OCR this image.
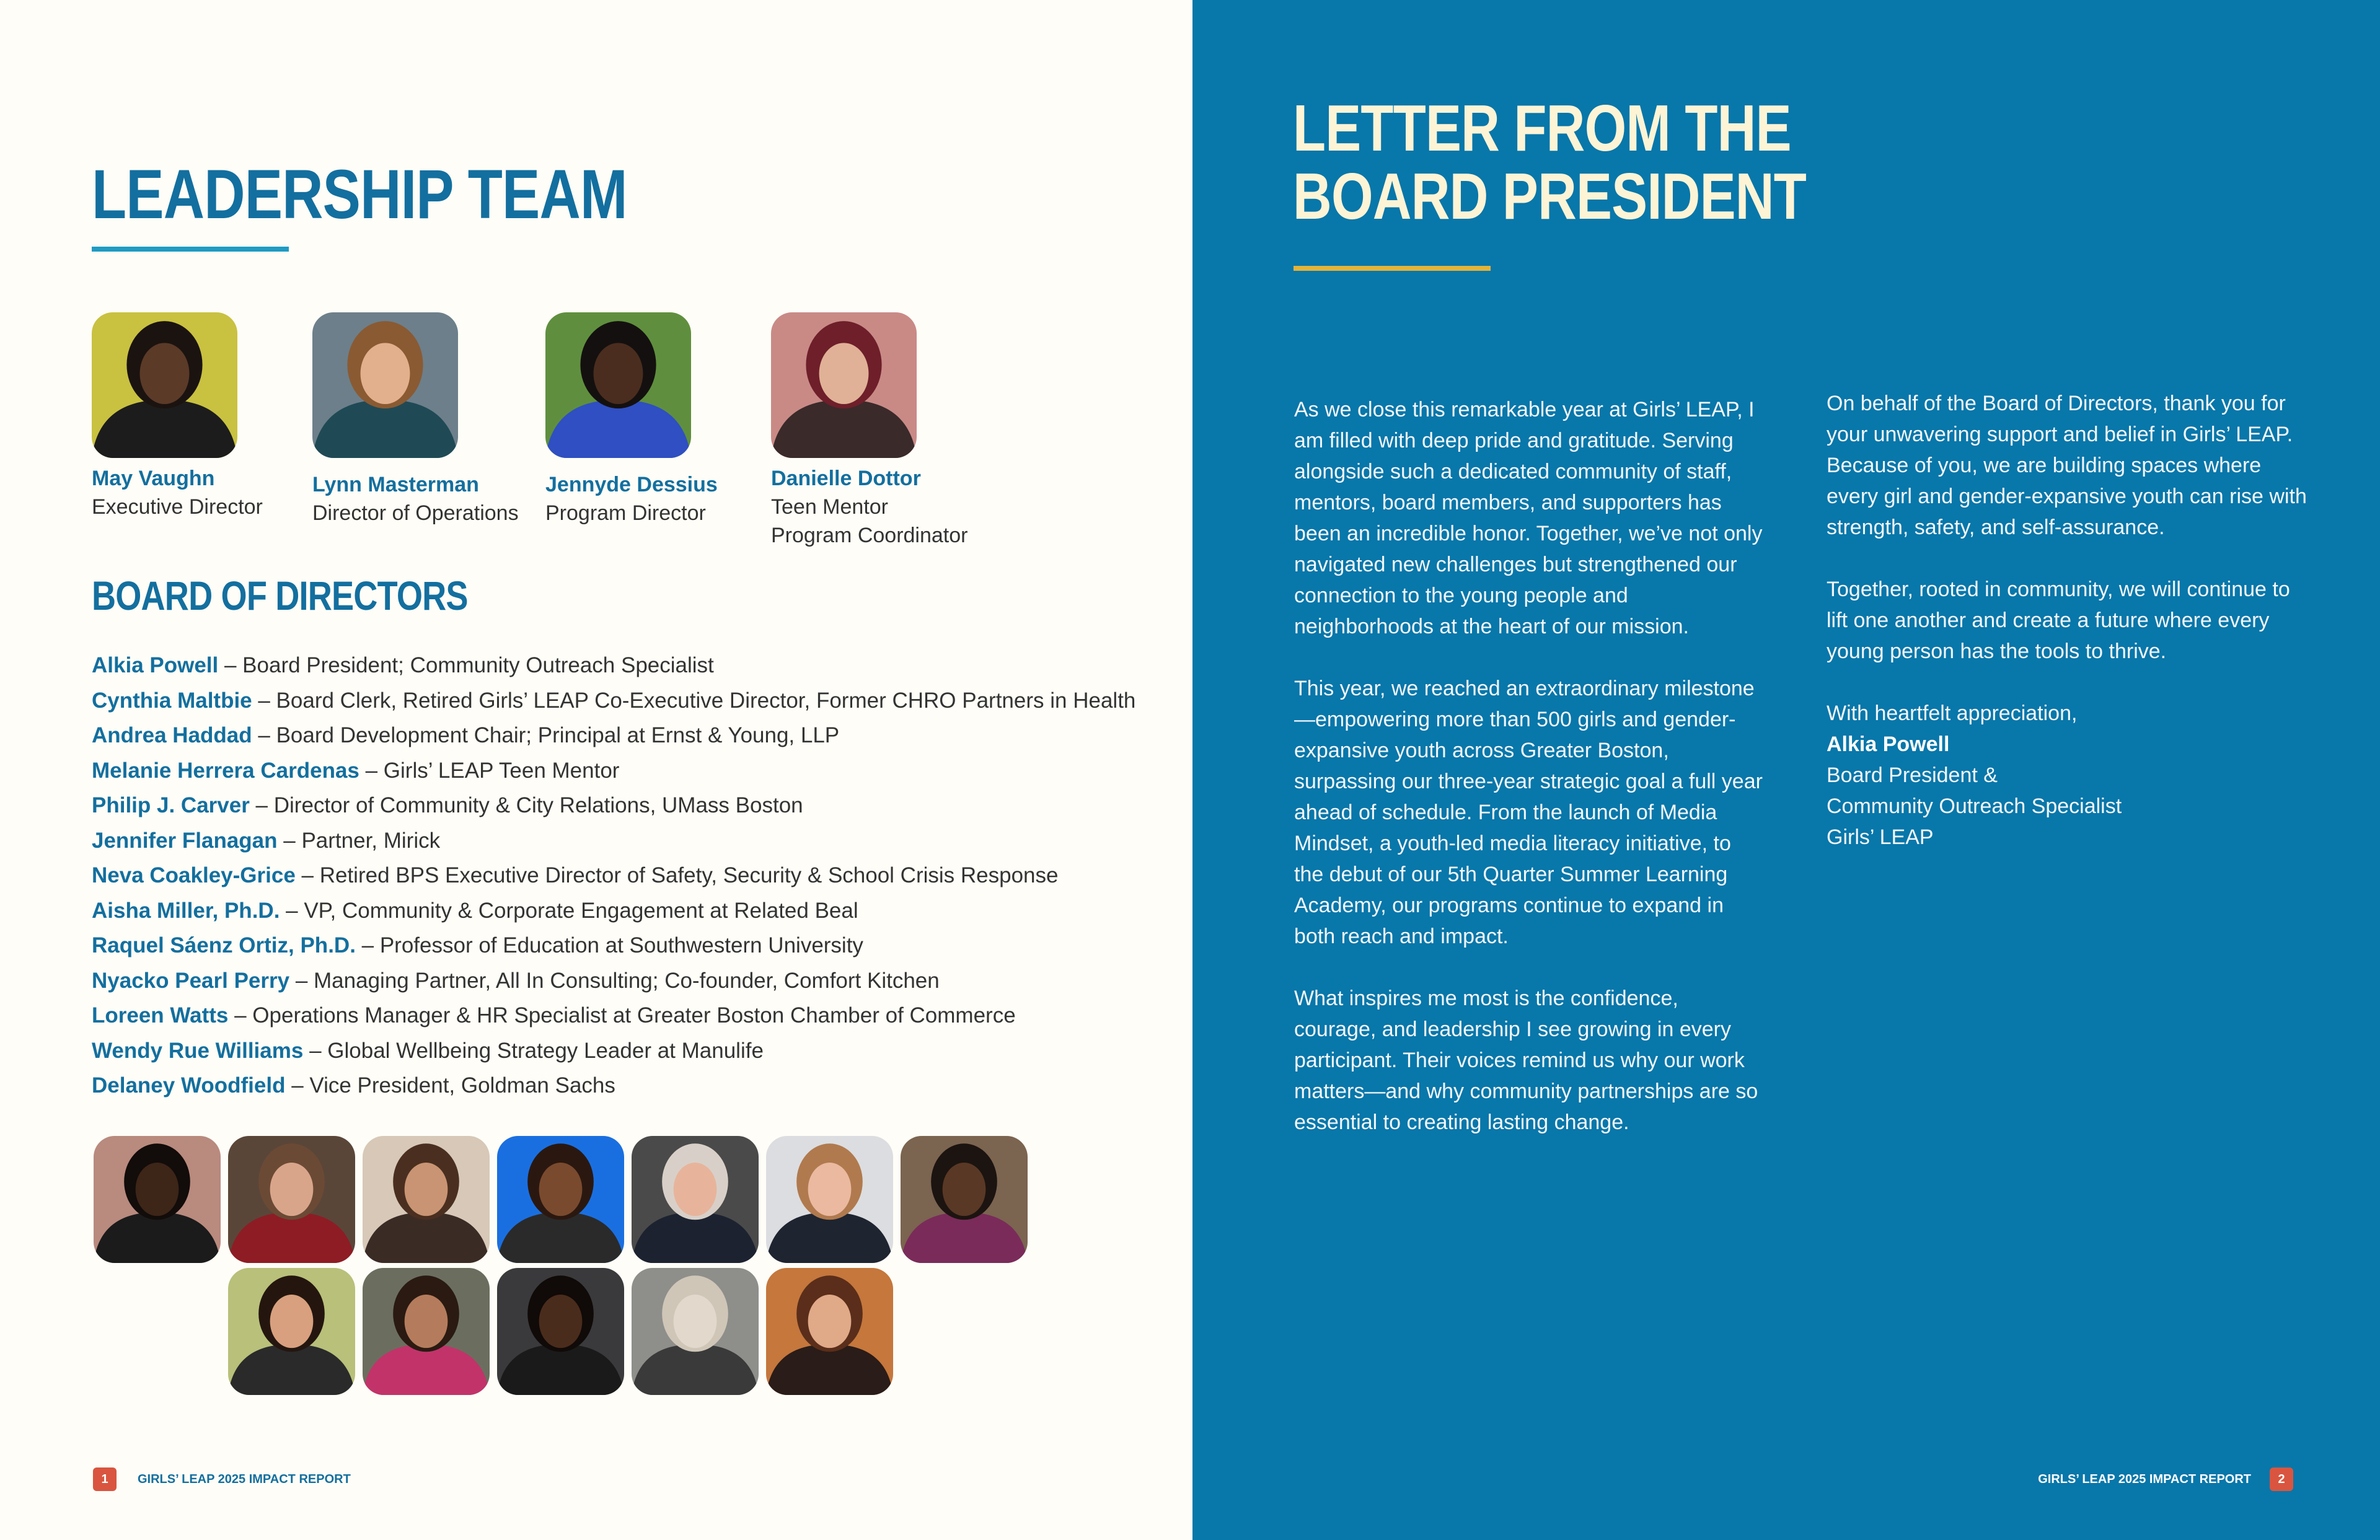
LEADERSHIP TEAM
May Vaughn
Executive Director
Lynn Masterman
Director of Operations
Jennyde Dessius
Program Director
Danielle Dottor
Teen Mentor
Program Coordinator
BOARD OF DIRECTORS
Alkia Powell – Board President; Community Outreach Specialist
Cynthia Maltbie – Board Clerk, Retired Girls’ LEAP Co-Executive Director, Former CHRO Partners in Health
Andrea Haddad – Board Development Chair; Principal at Ernst & Young, LLP
Melanie Herrera Cardenas – Girls’ LEAP Teen Mentor
Philip J. Carver – Director of Community & City Relations, UMass Boston
Jennifer Flanagan – Partner, Mirick
Neva Coakley-Grice – Retired BPS Executive Director of Safety, Security & School Crisis Response
Aisha Miller, Ph.D. – VP, Community & Corporate Engagement at Related Beal
Raquel Sáenz Ortiz, Ph.D. – Professor of Education at Southwestern University
Nyacko Pearl Perry – Managing Partner, All In Consulting; Co-founder, Comfort Kitchen
Loreen Watts – Operations Manager & HR Specialist at Greater Boston Chamber of Commerce
Wendy Rue Williams – Global Wellbeing Strategy Leader at Manulife
Delaney Woodfield – Vice President, Goldman Sachs
1	GIRLS’ LEAP 2025 IMPACT REPORT
LETTER FROM THE
BOARD PRESIDENT

As we close this remarkable year at Girls’ LEAP, I am filled with deep pride and gratitude. Serving alongside such a dedicated community of staff, mentors, board members, and supporters has been an incredible honor. Together, we’ve not only navigated new challenges but strengthened our connection to the young people and neighborhoods at the heart of our mission.

This year, we reached an extraordinary milestone—empowering more than 500 girls and gender-expansive youth across Greater Boston, surpassing our three-year strategic goal a full year ahead of schedule. From the launch of Media Mindset, a youth-led media literacy initiative, to the debut of our 5th Quarter Summer Learning Academy, our programs continue to expand in both reach and impact.

What inspires me most is the confidence, courage, and leadership I see growing in every participant. Their voices remind us why our work matters—and why community partnerships are so essential to creating lasting change.

On behalf of the Board of Directors, thank you for your unwavering support and belief in Girls’ LEAP. Because of you, we are building spaces where every girl and gender-expansive youth can rise with strength, safety, and self-assurance.

Together, rooted in community, we will continue to lift one another and create a future where every young person has the tools to thrive.

With heartfelt appreciation,
Alkia Powell
Board President &
Community Outreach Specialist
Girls’ LEAP
GIRLS’ LEAP 2025 IMPACT REPORT	2
